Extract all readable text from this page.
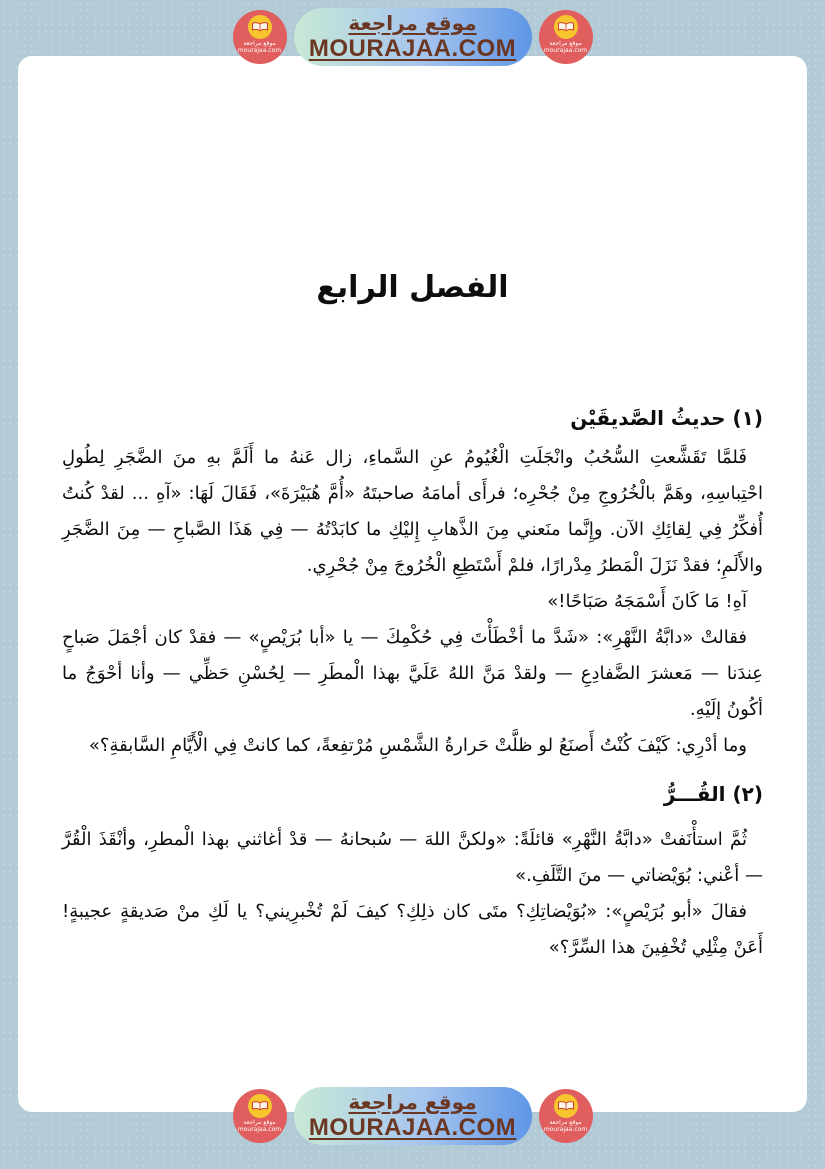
موقع مراجعة
mourajaa.com
موقع مراجعة
MOURAJAA.COM	موقع مراجعة
mourajaa.com
الفصل الرابع
(١) حديثُ الصَّديقَيْن

فَلمَّا تَقَشَّعتِ السُّحُبُ وانْجَلَتِ الْغُيُومُ عنِ السَّماءِ، زال عَنهُ ما أَلَمَّ بهِ منَ الضَّجَرِ لِطُولِ احْتِباسِهِ، وهَمَّ بالْخُرُوجِ مِنْ جُحْرِه؛ فرأَى أمامَهُ صاحبتَهُ «أُمَّ هُبَيْرَةَ»، فَقَالَ لَهَا: «آهِ ... لقدْ كُنتُ أُفكِّرُ فِي لِقائِكِ الآن. وإِنَّما منَعني مِنَ الذَّهابِ إِليْكِ ما كابَدْتُهُ — فِي هَذَا الصَّباحِ — مِنَ الضَّجَرِ والأَلَمِ؛ فقدْ نَزَلَ الْمَطرُ مِدْرارًا، فلمْ أَسْتَطِعِ الْخُرُوجَ مِنْ جُحْرِي.

آهِ! مَا كَانَ أَسْمَجَهُ صَبَاحًا!»

فقالتْ «دابَّةُ النَّهْرِ»: «شَدَّ ما أخْطَأْتَ فِي حُكْمِكَ — يا «أبا بُرَيْصٍ» — فقدْ كان أجْمَلَ صَباحٍ عِندَنا — مَعشرَ الضَّفادِعِ — ولقدْ مَنَّ اللهُ عَلَيَّ بهذا الْمطَرِ — لِحُسْنِ حَظِّي — وأنا أحْوَجُ ما أكُونُ إلَيْهِ.

وما أدْرِي: كَيْفَ كُنْتُ أَصنَعُ لو ظلَّتْ حَرارةُ الشَّمْسِ مُرْتفِعةً، كما كانتْ فِي الْأَيَّامِ السَّابقةِ؟»

(٢) القُـــرُّ

ثُمَّ استأْنَفتْ «دابَّةُ النَّهْرِ» قائلَةً: «ولكنَّ اللهَ — سُبحانهُ — قدْ أغاثني بهذا الْمطرِ، وأنْقَذَ الْقُرَّ — أعْني: بُوَيْضاتي — منَ التَّلَفِ.»

فقالَ «أبو بُرَيْصٍ»: «بُوَيْضاتِكِ؟ متَى كان ذلِكِ؟ كيفَ لَمْ تُخْبرِيني؟ يا لَكِ منْ صَديقةٍ عجيبةٍ! أَعَنْ مِثْلِي تُخْفِينَ هذا السِّرَّ؟»

موقع مراجعة
mourajaa.com
موقع مراجعة
MOURAJAA.COM	موقع مراجعة
mourajaa.com
